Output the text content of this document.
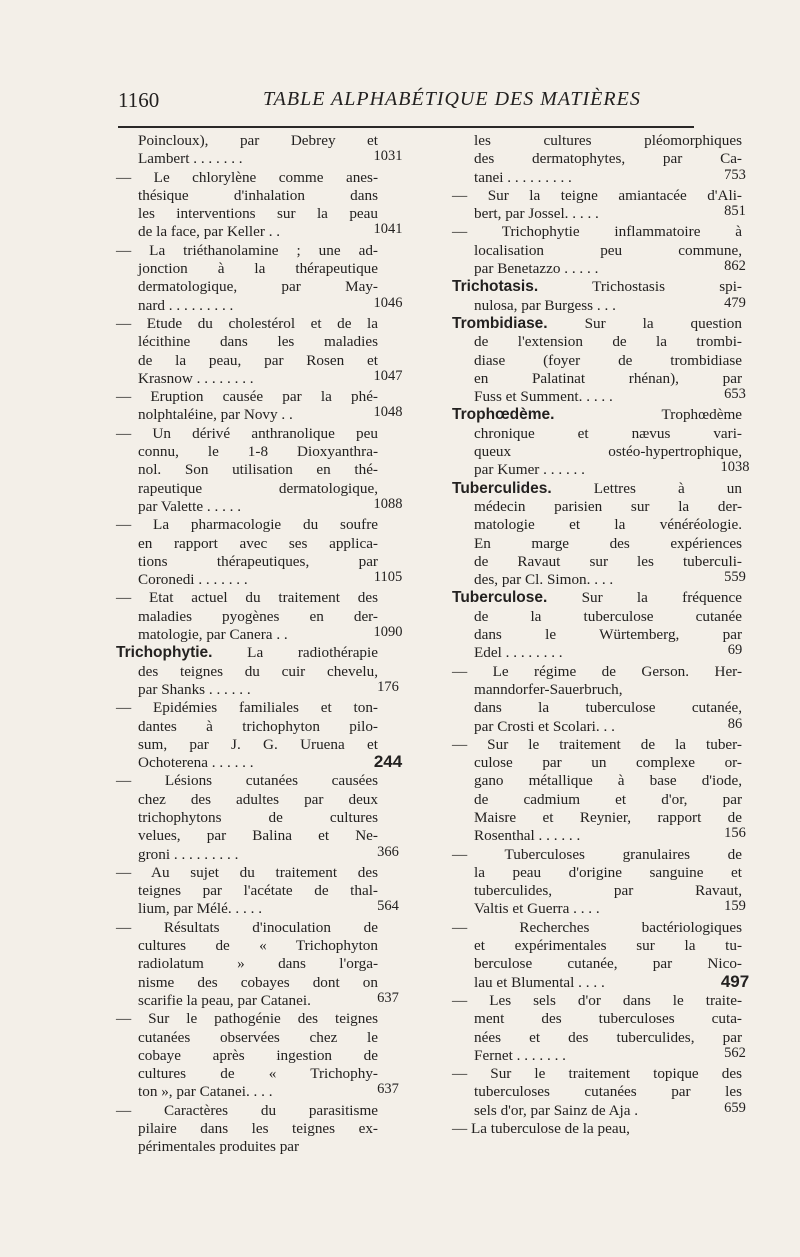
1160	TABLE ALPHABÉTIQUE DES MATIÈRES
Poincloux), par Debrey et
Lambert . . . . . . .	1031
— Le chlorylène comme anes-
thésique d'inhalation dans
les interventions sur la peau
de la face, par Keller . .	1041
— La triéthanolamine ; une ad-
jonction à la thérapeutique
dermatologique, par May-
nard . . . . . . . . .	1046
— Etude du cholestérol et de la
lécithine dans les maladies
de la peau, par Rosen et
Krasnow . . . . . . . .	1047
— Eruption causée par la phé-
nolphtaléine, par Novy . .	1048
— Un dérivé anthranolique peu
connu, le 1-8 Dioxyanthra-
nol. Son utilisation en thé-
rapeutique dermatologique,
par Valette . . . . .	1088
— La pharmacologie du soufre
en rapport avec ses applica-
tions thérapeutiques, par
Coronedi . . . . . . .	1105
— Etat actuel du traitement des
maladies pyogènes en der-
matologie, par Canera . .	1090
Trichophytie. La radiothérapie
des teignes du cuir chevelu,
par Shanks . . . . . .	176
— Epidémies familiales et ton-
dantes à trichophyton pilo-
sum, par J. G. Uruena et
Ochoterena . . . . . .	244
— Lésions cutanées causées
chez des adultes par deux
trichophytons de cultures
velues, par Balina et Ne-
groni . . . . . . . . .	366
— Au sujet du traitement des
teignes par l'acétate de thal-
lium, par Mélé. . . . .	564
— Résultats d'inoculation de
cultures de « Trichophyton
radiolatum » dans l'orga-
nisme des cobayes dont on
scarifie la peau, par Catanei.	637
— Sur le pathogénie des teignes
cutanées observées chez le
cobaye après ingestion de
cultures de « Trichophy-
ton », par Catanei. . . .	637
— Caractères du parasitisme
pilaire dans les teignes ex-
périmentales produites par
les cultures pléomorphiques
des dermatophytes, par Ca-
tanei . . . . . . . . .	753
— Sur la teigne amiantacée d'Ali-
bert, par Jossel. . . . .	851
— Trichophytie inflammatoire à
localisation peu commune,
par Benetazzo . . . . .	862
Trichotasis. Trichostasis spi-
nulosa, par Burgess . . .	479
Trombidiase. Sur la question
de l'extension de la trombi-
diase (foyer de trombidiase
en Palatinat rhénan), par
Fuss et Summent. . . . .	653
Trophœdème. Trophœdème
chronique et nævus vari-
queux ostéo-hypertrophique,
par Kumer . . . . . .	1038
Tuberculides. Lettres à un
médecin parisien sur la der-
matologie et la vénéréologie.
En marge des expériences
de Ravaut sur les tuberculi-
des, par Cl. Simon. . . .	559
Tuberculose. Sur la fréquence
de la tuberculose cutanée
dans le Würtemberg, par
Edel . . . . . . . .	69
— Le régime de Gerson. Her-
manndorfer-Sauerbruch,
dans la tuberculose cutanée,
par Crosti et Scolari. . .	86
— Sur le traitement de la tuber-
culose par un complexe or-
gano métallique à base d'iode,
de cadmium et d'or, par
Maisre et Reynier, rapport de
Rosenthal . . . . . .	156
— Tuberculoses granulaires de
la peau d'origine sanguine et
tuberculides, par Ravaut,
Valtis et Guerra . . . .	159
— Recherches bactériologiques
et expérimentales sur la tu-
berculose cutanée, par Nico-
lau et Blumental . . . .	497
— Les sels d'or dans le traite-
ment des tuberculoses cuta-
nées et des tuberculides, par
Fernet . . . . . . .	562
— Sur le traitement topique des
tuberculoses cutanées par les
sels d'or, par Sainz de Aja .	659
— La tuberculose de la peau,
